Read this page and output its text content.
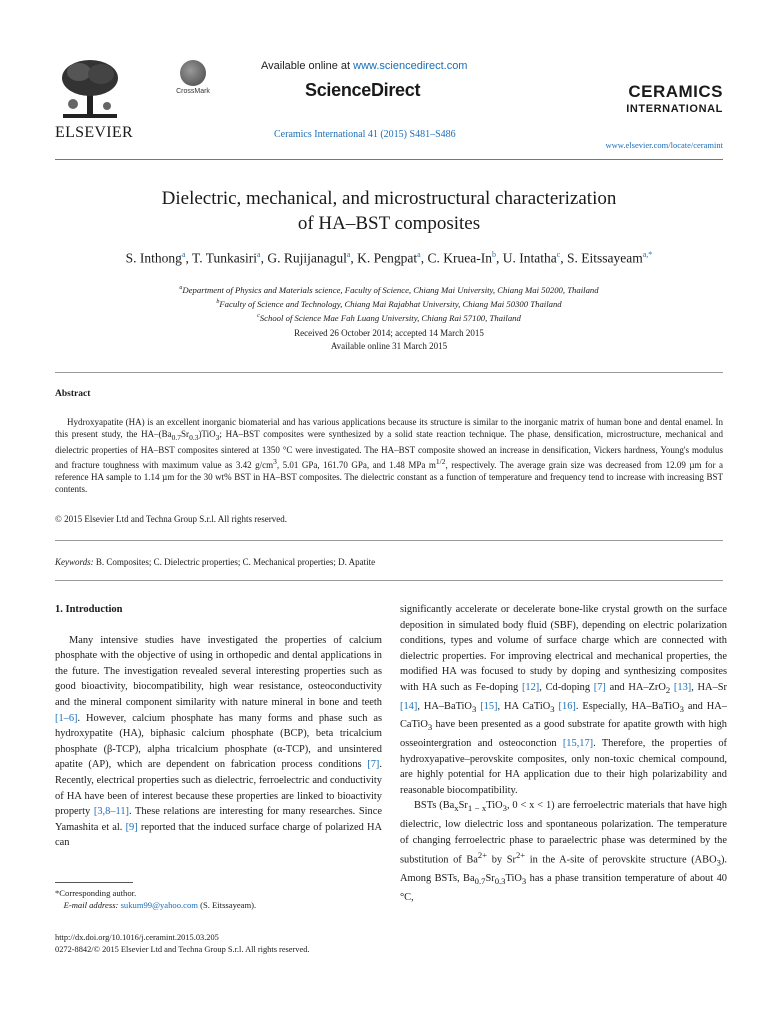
ELSEVIER
CrossMark
Available online at www.sciencedirect.com
ScienceDirect
Ceramics International 41 (2015) S481–S486
CERAMICS
INTERNATIONAL
www.elsevier.com/locate/ceramint
Dielectric, mechanical, and microstructural characterization
of HA–BST composites
S. Inthong$^a$, T. Tunkasiri$^a$, G. Rujijanagul$^a$, K. Pengpat$^a$, C. Kruea-In$^b$, U. Intatha$^c$, S. Eitssayeam$^{a,*}$
$^a$Department of Physics and Materials science, Faculty of Science, Chiang Mai University, Chiang Mai 50200, Thailand
$^b$Faculty of Science and Technology, Chiang Mai Rajabhat University, Chiang Mai 50300 Thailand
$^c$School of Science Mae Fah Luang University, Chiang Rai 57100, Thailand
Received 26 October 2014; accepted 14 March 2015
Available online 31 March 2015
Abstract
Hydroxyapatite (HA) is an excellent inorganic biomaterial and has various applications because its structure is similar to the inorganic matrix of human bone and dental enamel. In this present study, the $HA-(Ba_{0.7}Sr_{0.3})TiO_3$; HA–BST composites were synthesized by a solid state reaction technique. The phase, densification, microstructure, mechanical and dielectric properties of HA–BST composites sintered at 1350 °C were investigated. The HA–BST composite showed an increase in densification, Vickers hardness, Young's modulus and fracture toughness with maximum value as 3.42 $g/cm^3$, 5.01 GPa, 161.70 GPa, and 1.48 MPa $m^{1/2}$, respectively. The average grain size was decreased from 12.09 µm for a reference HA sample to 1.14 µm for the 30 wt% BST in HA–BST composites. The dielectric constant as a function of temperature and frequency tend to increase with increasing BST contents.
© 2015 Elsevier Ltd and Techna Group S.r.l. All rights reserved.
Keywords: B. Composites; C. Dielectric properties; C. Mechanical properties; D. Apatite
1. Introduction

Many intensive studies have investigated the properties of calcium phosphate with the objective of using in orthopedic and dental applications in the future. The investigation revealed several interesting properties such as good bioactivity, biocompatibility, high wear resistance, osteoconductivity and the mineral component similarity with nature mineral in bone and teeth [1–6]. However, calcium phosphate has many forms and phase such as hydroxypatite (HA), biphasic calcium phosphate (BCP), beta tricalcium phosphate (β-TCP), alpha tricalcium phosphate (α-TCP), and unsintered apatite (AP), which are dependent on fabrication process conditions [7]. Recently, electrical properties such as dielectric, ferroelectric and conductivity of HA have been of interest because these properties are linked to bioactivity property [3,8–11]. These relations are interesting for many researches. Since Yamashita et al. [9] reported that the induced surface charge of polarized HA can

significantly accelerate or decelerate bone-like crystal growth on the surface deposition in simulated body fluid (SBF), depending on electric polarization conditions, types and volume of surface charge which are connected with dielectric properties. For improving electrical and mechanical properties, the modified HA was focused to study by doping and synthesizing composites with HA such as Fe-doping [12], Cd-doping [7] and HA–ZrO$_2$ [13], HA–Sr [14], HA–BaTiO$_3$ [15], HA CaTiO$_3$ [16]. Especially, HA–BaTiO$_3$ and HA–CaTiO$_3$ have been presented as a good substrate for apatite growth with high osseointergration and osteoconction [15,17]. Therefore, the properties of hydroxyapative–perovskite composites, only non-toxic chemical compound, are highly potential for HA application due to their high polarizability and reasonable biocompatibility.

BSTs ($Ba_xSr_{1 - x}TiO_3$, 0 < x < 1) are ferroelectric materials that have high dielectric, low dielectric loss and spontaneous polarization. The temperature of changing ferroelectric phase to paraelectric phase was determined by the substitution of $Ba^{2+}$ by $Sr^{2+}$ in the A-site of perovskite structure $(ABO_3)$. Among BSTs, $Ba_{0.7}Sr_{0.3}TiO_3$ has a phase transition temperature of about 40 °C,

*Corresponding author.
E-mail address: sukum99@yahoo.com (S. Eitssayeam).
http://dx.doi.org/10.1016/j.ceramint.2015.03.205
0272-8842/© 2015 Elsevier Ltd and Techna Group S.r.l. All rights reserved.
